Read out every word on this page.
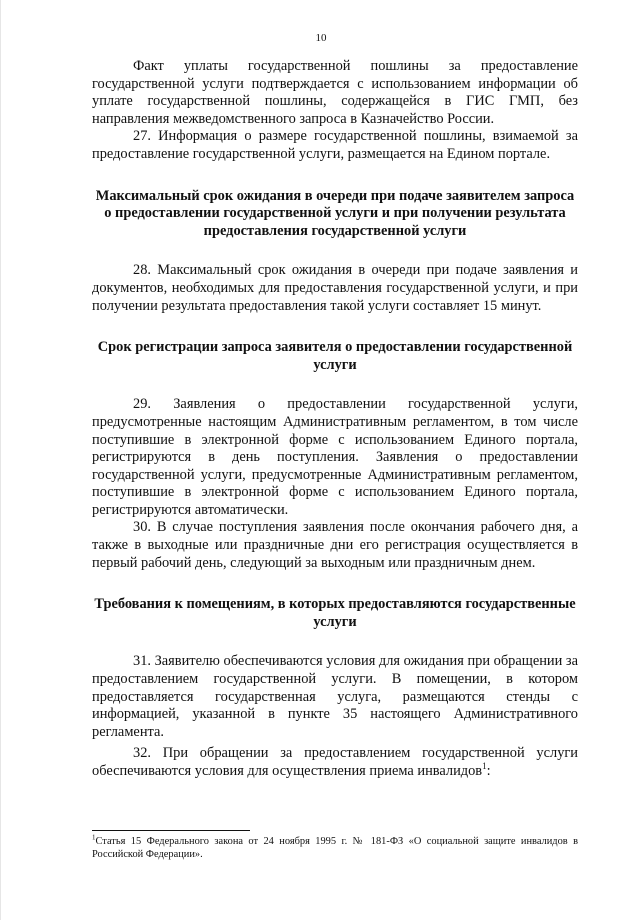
10

Факт уплаты государственной пошлины за предоставление государственной услуги подтверждается с использованием информации об уплате государственной пошлины, содержащейся в ГИС ГМП, без направления межведомственного запроса в Казначейство России.

27. Информация о размере государственной пошлины, взимаемой за предоставление государственной услуги, размещается на Едином портале.

Максимальный срок ожидания в очереди при подаче заявителем запроса о предоставлении государственной услуги и при получении результата предоставления государственной услуги

28. Максимальный срок ожидания в очереди при подаче заявления и документов, необходимых для предоставления государственной услуги, и при получении результата предоставления такой услуги составляет 15 минут.

Срок регистрации запроса заявителя о предоставлении государственной услуги

29. Заявления о предоставлении государственной услуги, предусмотренные настоящим Административным регламентом, в том числе поступившие в электронной форме с использованием Единого портала, регистрируются в день поступления. Заявления о предоставлении государственной услуги, предусмотренные Административным регламентом, поступившие в электронной форме с использованием Единого портала, регистрируются автоматически.

30. В случае поступления заявления после окончания рабочего дня, а также в выходные или праздничные дни его регистрация осуществляется в первый рабочий день, следующий за выходным или праздничным днем.

Требования к помещениям, в которых предоставляются государственные услуги

31. Заявителю обеспечиваются условия для ожидания при обращении за предоставлением государственной услуги. В помещении, в котором предоставляется государственная услуга, размещаются стенды с информацией, указанной в пункте 35 настоящего Административного регламента.

32. При обращении за предоставлением государственной услуги обеспечиваются условия для осуществления приема инвалидов$^1$:

$^1$Статья 15 Федерального закона от 24 ноября 1995 г. № 181-ФЗ «О социальной защите инвалидов в Российской Федерации».
